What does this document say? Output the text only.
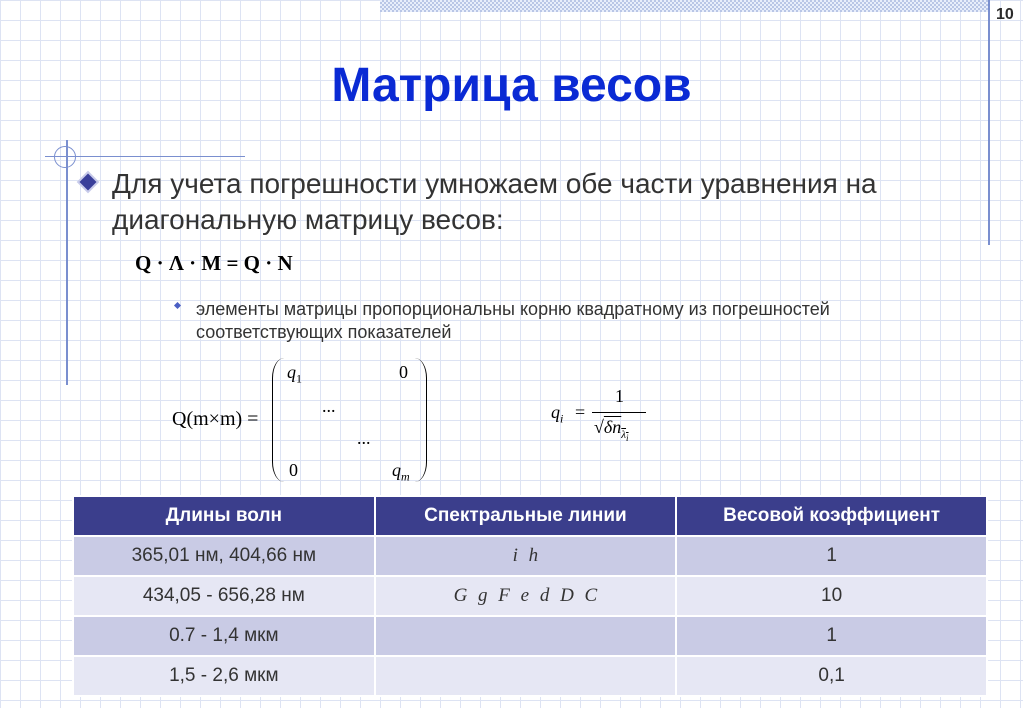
10
Матрица весов
Для учета погрешности умножаем обе части уравнения на диагональную матрицу весов:
Q · Λ · M = Q · N
элементы матрицы пропорциональны корню квадратному из погрешностей соответствующих показателей
Q(m×m) =
$q_1$	0
...
...
0	$q_m$
$q_i$ =
1
$√\delta n_{\lambda_i}$
Длины волн	Спектральные линии	Весовой коэффициент
365,01 нм, 404,66 нм	i h	1
434,05 - 656,28 нм	G g F e d D C	10
0.7 - 1,4 мкм		1
1,5 - 2,6 мкм		0,1
